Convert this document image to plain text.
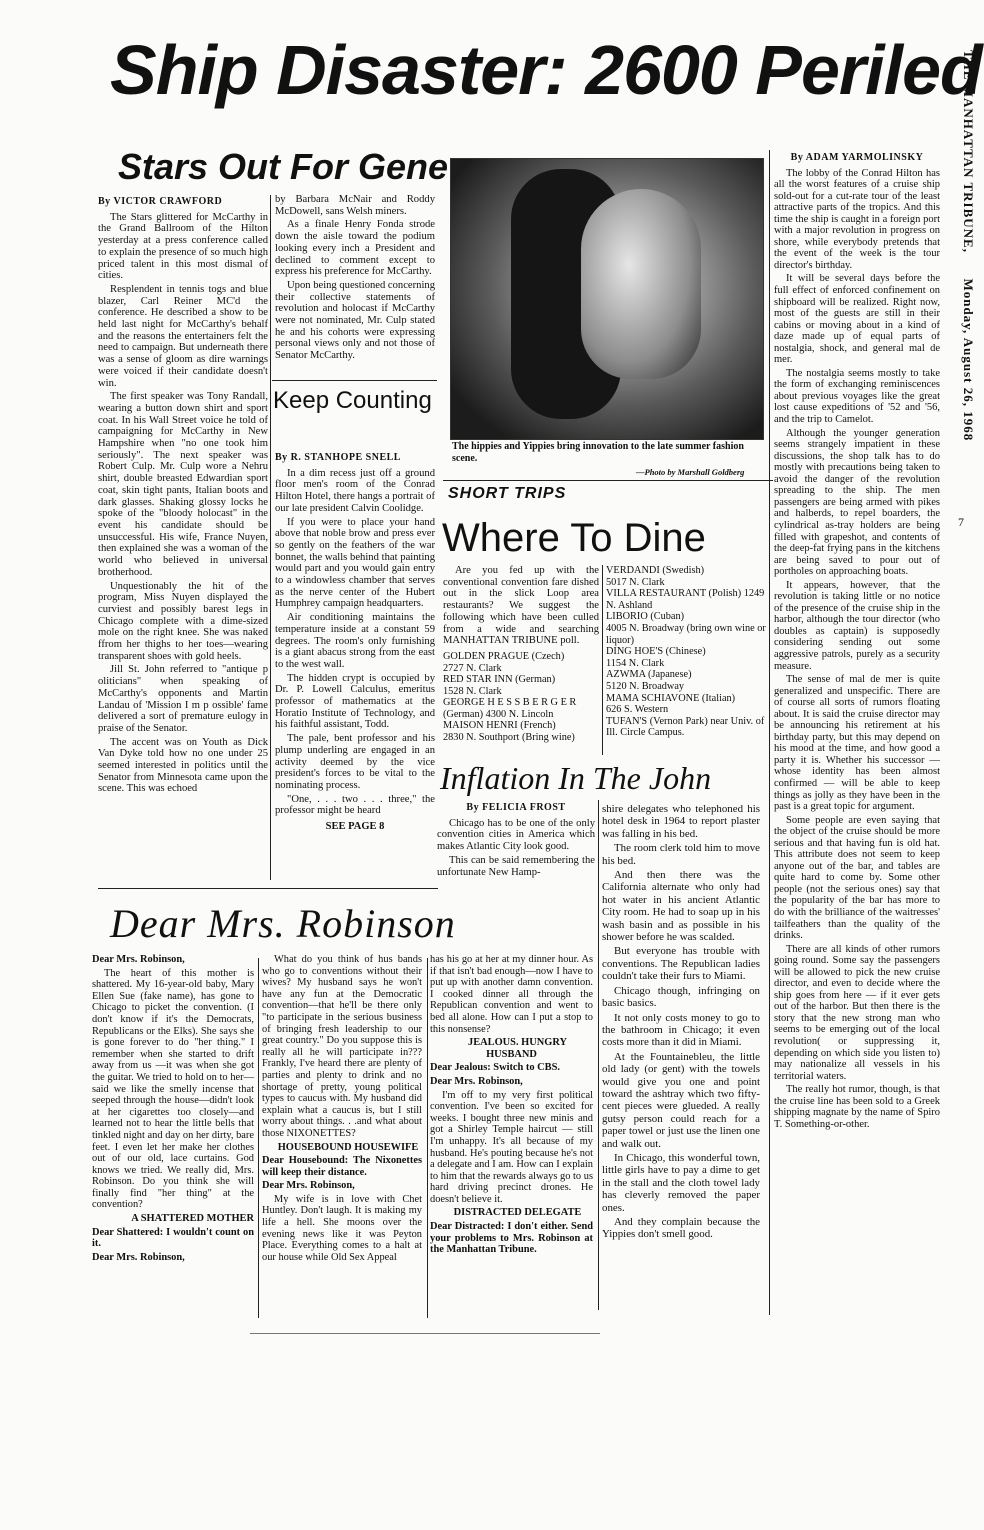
THE MANHATTAN TRIBUNE,      Monday, August 26, 1968
7
Ship Disaster: 2600 Periled
Stars Out For Gene
By VICTOR CRAWFORD

The Stars glittered for McCarthy in the Grand Ballroom of the Hilton yesterday at a press conference called to explain the presence of so much high priced talent in this most dismal of cities.

Resplendent in tennis togs and blue blazer, Carl Reiner MC'd the conference. He described a show to be held last night for McCarthy's behalf and the reasons the entertainers felt the need to campaign. But underneath there was a sense of gloom as dire warnings were voiced if their candidate doesn't win.

The first speaker was Tony Randall, wearing a button down shirt and sport coat. In his Wall Street voice he told of campaigning for McCarthy in New Hampshire when "no one took him seriously". The next speaker was Robert Culp. Mr. Culp wore a Nehru shirt, double breasted Edwardian sport coat, skin tight pants, Italian boots and dark glasses. Shaking glossy locks he spoke of the "bloody holocast" in the event his candidate should be unsuccessful. His wife, France Nuyen, then explained she was a woman of the world who believed in universal brotherhood.

Unquestionably the hit of the program, Miss Nuyen displayed the curviest and possibly barest legs in Chicago complete with a dime-sized mole on the right knee. She was naked ffrom her thighs to her toes—wearing transparent shoes with gold heels.

Jill St. John referred to "antique p oliticians" when speaking of McCarthy's opponents and Martin Landau of 'Mission I m p ossible' fame delivered a sort of premature eulogy in praise of the Senator.

The accent was on Youth as Dick Van Dyke told how no one under 25 seemed interested in politics until the Senator from Minnesota came upon the scene. This was echoed

by Barbara McNair and Roddy McDowell, sans Welsh miners.

As a finale Henry Fonda strode down the aisle toward the podium looking every inch a President and declined to comment except to express his preference for McCarthy.

Upon being questioned concerning their collective statements of revolution and holocast if McCarthy were not nominated, Mr. Culp stated he and his cohorts were expressing personal views only and not those of Senator McCarthy.

Keep Counting
By R. STANHOPE SNELL

In a dim recess just off a ground floor men's room of the Conrad Hilton Hotel, there hangs a portrait of our late president Calvin Coolidge.

If you were to place your hand above that noble brow and press ever so gently on the feathers of the war bonnet, the walls behind that painting would part and you would gain entry to a windowless chamber that serves as the nerve center of the Hubert Humphrey campaign headquarters.

Air conditioning maintains the temperature inside at a constant 59 degrees. The room's only furnishing is a giant abacus strong from the east to the west wall.

The hidden crypt is occupied by Dr. P. Lowell Calculus, emeritus professor of mathematics at the Horatio Institute of Technology, and his faithful assistant, Todd.

The pale, bent professor and his plump underling are engaged in an activity deemed by the vice president's forces to be vital to the nominating process.

"One, . . . two . . . three," the professor might be heard

SEE PAGE 8
The hippies and Yippies bring innovation to the late summer fashion scene.
—Photo by Marshall Goldberg
SHORT TRIPS
Where To Dine

Are you fed up with the conventional convention fare dished out in the slick Loop area restaurants? We suggest the following which have been culled from a wide and searching MANHATTAN TRIBUNE poll.

GOLDEN PRAGUE (Czech)
2727 N. Clark
RED STAR INN (German)
1528 N. Clark
GEORGE H E S S B E R G E R
(German) 4300 N. Lincoln
MAISON HENRI (French)
2830 N. Southport (Bring wine)
VERDANDI (Swedish)
5017 N. Clark
VILLA RESTAURANT (Polish) 1249 N. Ashland
LIBORIO (Cuban)
4005 N. Broadway (bring own wine or liquor)
DING HOE'S (Chinese)
1154 N. Clark
AZWMA (Japanese)
5120 N. Broadway
MAMA SCHIAVONE (Italian)
626 S. Western
TUFAN'S (Vernon Park) near Univ. of Ill. Circle Campus.
Inflation In The John
By FELICIA FROST

Chicago has to be one of the only convention cities in America which makes Atlantic City look good.

This can be said remembering the unfortunate New Hamp-

shire delegates who telephoned his hotel desk in 1964 to report plaster was falling in his bed.

The room clerk told him to move his bed.

And then there was the California alternate who only had hot water in his ancient Atlantic City room. He had to soap up in his wash basin and as possible in his shower before he was scalded.

But everyone has trouble with conventions. The Republican ladies couldn't take their furs to Miami.

Chicago though, infringing on basic basics.

It not only costs money to go to the bathroom in Chicago; it even costs more than it did in Miami.

At the Fountainebleu, the little old lady (or gent) with the towels would give you one and point toward the ashtray which two fifty-cent pieces were glueded. A really gutsy person could reach for a paper towel or just use the linen one and walk out.

In Chicago, this wonderful town, little girls have to pay a dime to get in the stall and the cloth towel lady has cleverly removed the paper ones.

And they complain because the Yippies don't smell good.

By ADAM YARMOLINSKY

The lobby of the Conrad Hilton has all the worst features of a cruise ship sold-out for a cut-rate tour of the least attractive parts of the tropics. And this time the ship is caught in a foreign port with a major revolution in progress on shore, while everybody pretends that the event of the week is the tour director's birthday.

It will be several days before the full effect of enforced confinement on shipboard will be realized. Right now, most of the guests are still in their cabins or moving about in a kind of daze made up of equal parts of nostalgia, shock, and general mal de mer.

The nostalgia seems mostly to take the form of exchanging reminiscences about previous voyages like the great lost cause expeditions of '52 and '56, and the trip to Camelot.

Although the younger generation seems strangely impatient in these discussions, the shop talk has to do mostly with precautions being taken to avoid the danger of the revolution spreading to the ship. The men passengers are being armed with pikes and halberds, to repel boarders, the cylindrical as-tray holders are being filled with grapeshot, and contents of the deep-fat frying pans in the kitchens are being saved to pour out of portholes on approaching boats.

It appears, however, that the revolution is taking little or no notice of the presence of the cruise ship in the harbor, although the tour director (who doubles as captain) is supposedly considering sending out some aggressive patrols, purely as a security measure.

The sense of mal de mer is quite generalized and unspecific. There are of course all sorts of rumors floating about. It is said the cruise director may be announcing his retirement at his birthday party, but this may depend on his mood at the time, and how good a party it is. Whether his successor — whose identity has been almost confirmed — will be able to keep things as jolly as they have been in the past is a great topic for argument.

Some people are even saying that the object of the cruise should be more serious and that having fun is old hat. This attribute does not seem to keep anyone out of the bar, and tables are quite hard to come by. Some other people (not the serious ones) say that the popularity of the bar has more to do with the brilliance of the waitresses' tailfeathers than the quality of the drinks.

There are all kinds of other rumors going round. Some say the passengers will be allowed to pick the new cruise director, and even to decide where the ship goes from here — if it ever gets out of the harbor. But then there is the story that the new strong man who seems to be emerging out of the local revolution( or suppressing it, depending on which side you listen to) may nationalize all vessels in his territorial waters.

The really hot rumor, though, is that the cruise line has been sold to a Greek shipping magnate by the name of Spiro T. Something-or-other.

Dear Mrs. Robinson

Dear Mrs. Robinson,

The heart of this mother is shattered. My 16-year-old baby, Mary Ellen Sue (fake name), has gone to Chicago to picket the convention. (I don't know if it's the Democrats, Republicans or the Elks). She says she is gone forever to do "her thing." I remember when she started to drift away from us —it was when she got the guitar. We tried to hold on to her—said we like the smelly incense that seeped through the house—didn't look at her cigarettes too closely—and learned not to hear the little bells that tinkled night and day on her dirty, bare feet. I even let her make her clothes out of our old, lace curtains. God knows we tried. We really did, Mrs. Robinson. Do you think she will finally find "her thing" at the convention?

A SHATTERED MOTHER

Dear Shattered: I wouldn't count on it.

Dear Mrs. Robinson,

What do you think of hus bands who go to conventions without their wives? My husband says he won't have any fun at the Democratic convention—that he'll be there only "to participate in the serious business of bringing fresh leadership to our great country." Do you suppose this is really all he will participate in??? Frankly, I've heard there are plenty of parties and plenty to drink and no shortage of pretty, young political types to caucus with. My husband did explain what a caucus is, but I still worry about things. . .and what about those NIXONETTES?

HOUSEBOUND HOUSEWIFE

Dear Housebound: The Nixonettes will keep their distance.

Dear Mrs. Robinson,

My wife is in love with Chet Huntley. Don't laugh. It is making my life a hell. She moons over the evening news like it was Peyton Place. Everything comes to a halt at our house while Old Sex Appeal

has his go at her at my dinner hour. As if that isn't bad enough—now I have to put up with another damn convention. I cooked dinner all through the Republican convention and went to bed all alone. How can I put a stop to this nonsense?

JEALOUS. HUNGRY HUSBAND

Dear Jealous: Switch to CBS.

Dear Mrs. Robinson,

I'm off to my very first political convention. I've been so excited for weeks. I bought three new minis and got a Shirley Temple haircut — still I'm unhappy. It's all because of my husband. He's pouting because he's not a delegate and I am. How can I explain to him that the rewards always go to us hard driving precinct drones. He doesn't believe it.

DISTRACTED DELEGATE

Dear Distracted: I don't either. Send your problems to Mrs. Robinson at the Manhattan Tribune.
